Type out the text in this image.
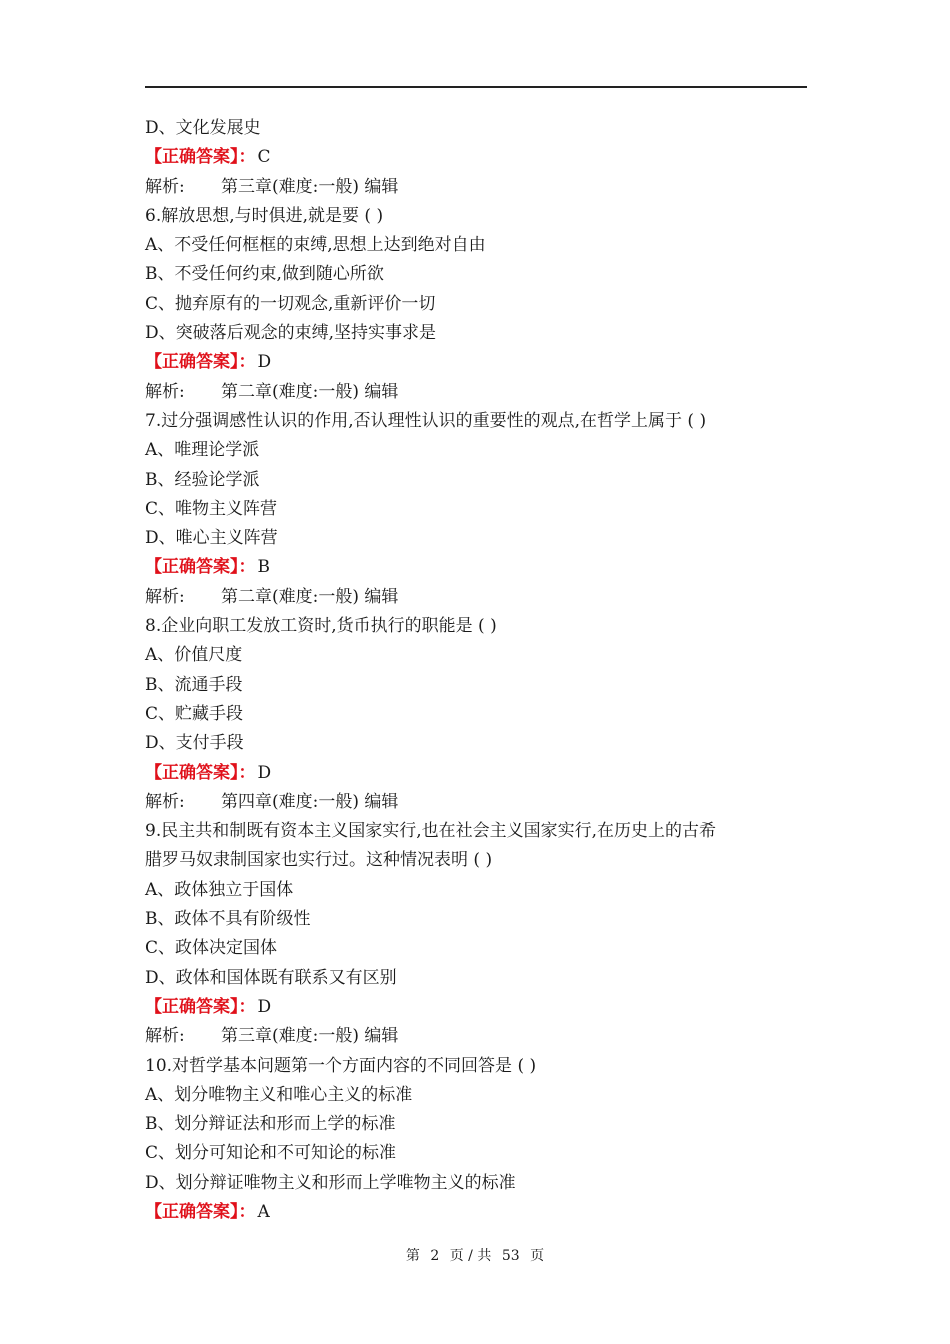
D、文化发展史
【正确答案】： C
解析: 第三章(难度:一般) 编辑
6.解放思想,与时俱进,就是要 ( )
A、不受任何框框的束缚,思想上达到绝对自由
B、不受任何约束,做到随心所欲
C、抛弃原有的一切观念,重新评价一切
D、突破落后观念的束缚,坚持实事求是
【正确答案】： D
解析: 第二章(难度:一般) 编辑
7.过分强调感性认识的作用,否认理性认识的重要性的观点,在哲学上属于 ( )
A、唯理论学派
B、经验论学派
C、唯物主义阵营
D、唯心主义阵营
【正确答案】： B
解析: 第二章(难度:一般) 编辑
8.企业向职工发放工资时,货币执行的职能是 ( )
A、价值尺度
B、流通手段
C、贮藏手段
D、支付手段
【正确答案】： D
解析: 第四章(难度:一般) 编辑
9.民主共和制既有资本主义国家实行,也在社会主义国家实行,在历史上的古希
腊罗马奴隶制国家也实行过。这种情况表明 ( )
A、政体独立于国体
B、政体不具有阶级性
C、政体决定国体
D、政体和国体既有联系又有区别
【正确答案】： D
解析: 第三章(难度:一般) 编辑
10.对哲学基本问题第一个方面内容的不同回答是 ( )
A、划分唯物主义和唯心主义的标准
B、划分辩证法和形而上学的标准
C、划分可知论和不可知论的标准
D、划分辩证唯物主义和形而上学唯物主义的标准
【正确答案】： A
第 2 页 / 共 53 页
